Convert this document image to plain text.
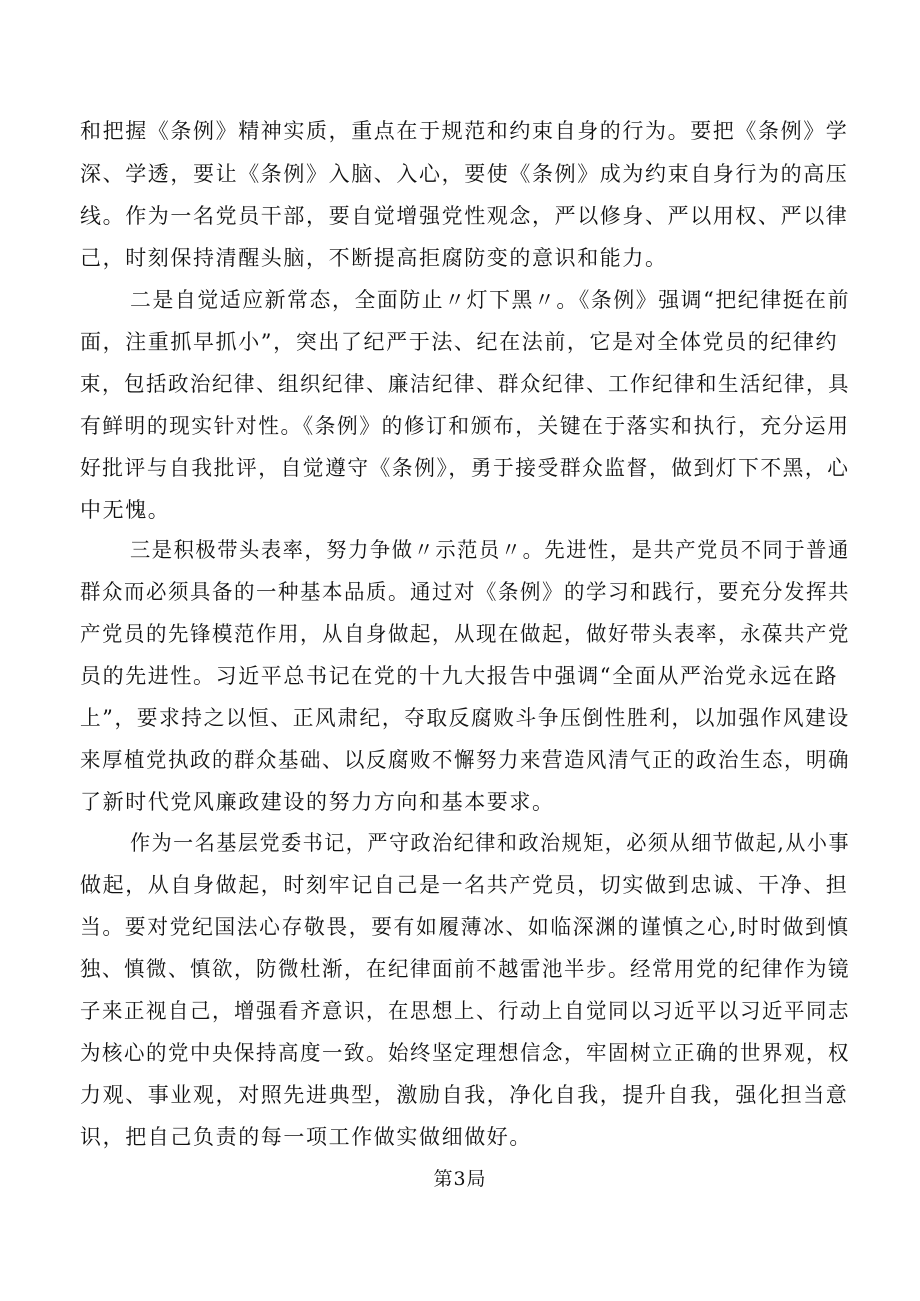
和把握《条例》精神实质，重点在于规范和约束自身的行为。要把《条例》学
深、学透，要让《条例》入脑、入心，要使《条例》成为约束自身行为的高压
线。作为一名党员干部，要自觉增强党性观念，严以修身、严以用权、严以律
己，时刻保持清醒头脑，不断提高拒腐防变的意识和能力。
二是自觉适应新常态，全面防止〃灯下黑〃。《条例》强调“把纪律挺在前
面，注重抓早抓小”，突出了纪严于法、纪在法前，它是对全体党员的纪律约
束，包括政治纪律、组织纪律、廉洁纪律、群众纪律、工作纪律和生活纪律，具
有鲜明的现实针对性。《条例》的修订和颁布，关键在于落实和执行，充分运用
好批评与自我批评，自觉遵守《条例》，勇于接受群众监督，做到灯下不黑，心
中无愧。
三是积极带头表率，努力争做〃示范员〃。先进性，是共产党员不同于普通
群众而必须具备的一种基本品质。通过对《条例》的学习和践行，要充分发挥共
产党员的先锋模范作用，从自身做起，从现在做起，做好带头表率，永葆共产党
员的先进性。习近平总书记在党的十九大报告中强调“全面从严治党永远在路
上”，要求持之以恒、正风肃纪，夺取反腐败斗争压倒性胜利，以加强作风建设
来厚植党执政的群众基础、以反腐败不懈努力来营造风清气正的政治生态，明确
了新时代党风廉政建设的努力方向和基本要求。
作为一名基层党委书记，严守政治纪律和政治规矩，必须从细节做起,从小事
做起，从自身做起，时刻牢记自己是一名共产党员，切实做到忠诚、干净、担
当。要对党纪国法心存敬畏，要有如履薄冰、如临深渊的谨慎之心,时时做到慎
独、慎微、慎欲，防微杜渐，在纪律面前不越雷池半步。经常用党的纪律作为镜
子来正视自己，增强看齐意识，在思想上、行动上自觉同以习近平以习近平同志
为核心的党中央保持高度一致。始终坚定理想信念，牢固树立正确的世界观，权
力观、事业观，对照先进典型，激励自我，净化自我，提升自我，强化担当意
识，把自己负责的每一项工作做实做细做好。
第3局
